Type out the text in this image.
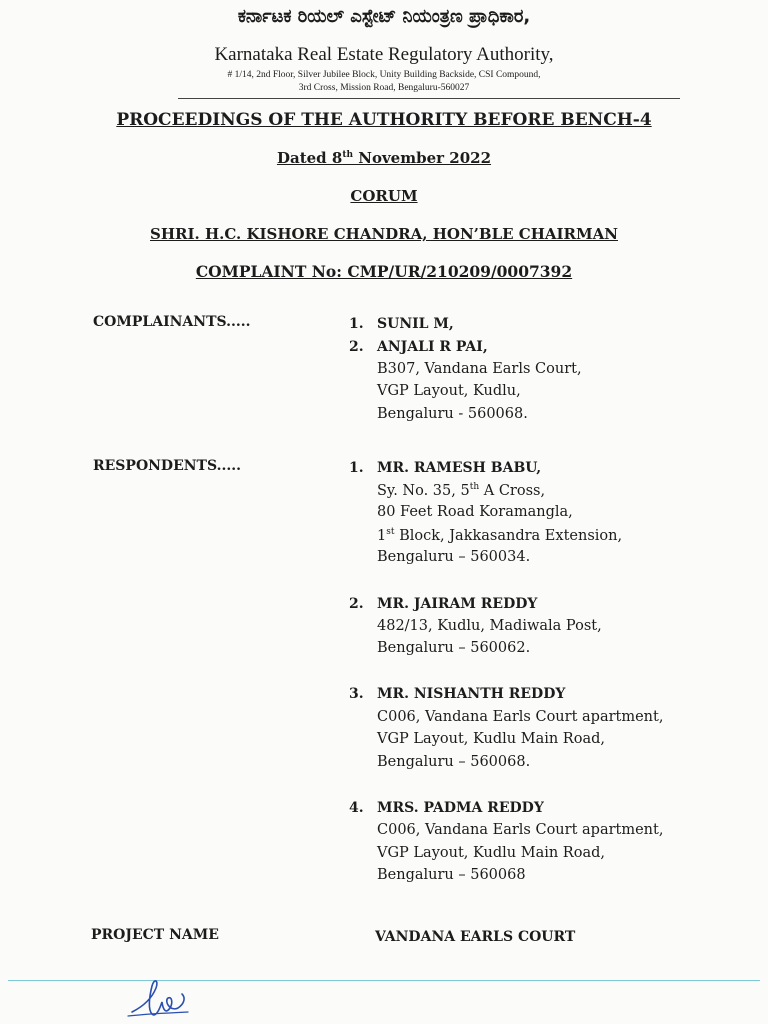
ಕರ್ನಾಟಕ ರಿಯಲ್ ಎಸ್ಟೇಟ್ ನಿಯಂತ್ರಣ ಪ್ರಾಧಿಕಾರ,
Karnataka Real Estate Regulatory Authority,
# 1/14, 2nd Floor, Silver Jubilee Block, Unity Building Backside, CSI Compound,
3rd Cross, Mission Road, Bengaluru-560027
PROCEEDINGS OF THE AUTHORITY BEFORE BENCH-4
Dated 8th November 2022
CORUM
SHRI. H.C. KISHORE CHANDRA, HON’BLE CHAIRMAN
COMPLAINT No: CMP/UR/210209/0007392
COMPLAINANTS.....	1. SUNIL M,
2. ANJALI R PAI,
B307, Vandana Earls Court,
VGP Layout, Kudlu,
Bengaluru - 560068.
RESPONDENTS.....	1. MR. RAMESH BABU,
Sy. No. 35, 5th A Cross,
80 Feet Road Koramangla,
1st Block, Jakkasandra Extension,
Bengaluru – 560034.
2. MR. JAIRAM REDDY
482/13, Kudlu, Madiwala Post,
Bengaluru – 560062.
3. MR. NISHANTH REDDY
C006, Vandana Earls Court apartment,
VGP Layout, Kudlu Main Road,
Bengaluru – 560068.
4. MRS. PADMA REDDY
C006, Vandana Earls Court apartment,
VGP Layout, Kudlu Main Road,
Bengaluru – 560068
PROJECT NAME	VANDANA EARLS COURT
